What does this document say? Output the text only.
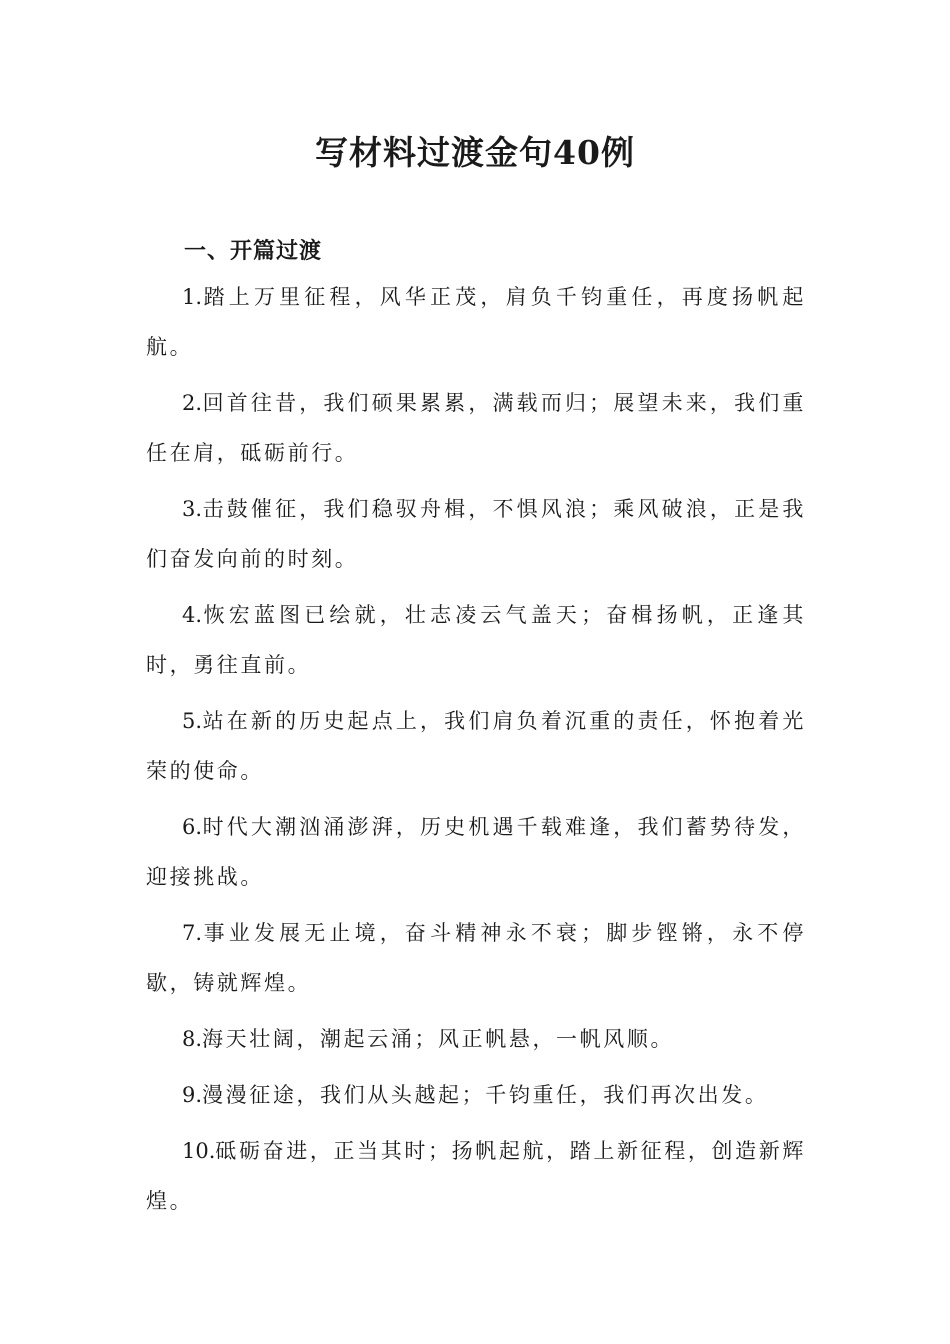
写材料过渡金句40例
一、开篇过渡
1.踏上万里征程，风华正茂，肩负千钧重任，再度扬帆起航。
2.回首往昔，我们硕果累累，满载而归；展望未来，我们重任在肩，砥砺前行。
3.击鼓催征，我们稳驭舟楫，不惧风浪；乘风破浪，正是我们奋发向前的时刻。
4.恢宏蓝图已绘就，壮志凌云气盖天；奋楫扬帆，正逢其时，勇往直前。
5.站在新的历史起点上，我们肩负着沉重的责任，怀抱着光荣的使命。
6.时代大潮汹涌澎湃，历史机遇千载难逢，我们蓄势待发，迎接挑战。
7.事业发展无止境，奋斗精神永不衰；脚步铿锵，永不停歇，铸就辉煌。
8.海天壮阔，潮起云涌；风正帆悬，一帆风顺。
9.漫漫征途，我们从头越起；千钧重任，我们再次出发。
10.砥砺奋进，正当其时；扬帆起航，踏上新征程，创造新辉煌。
